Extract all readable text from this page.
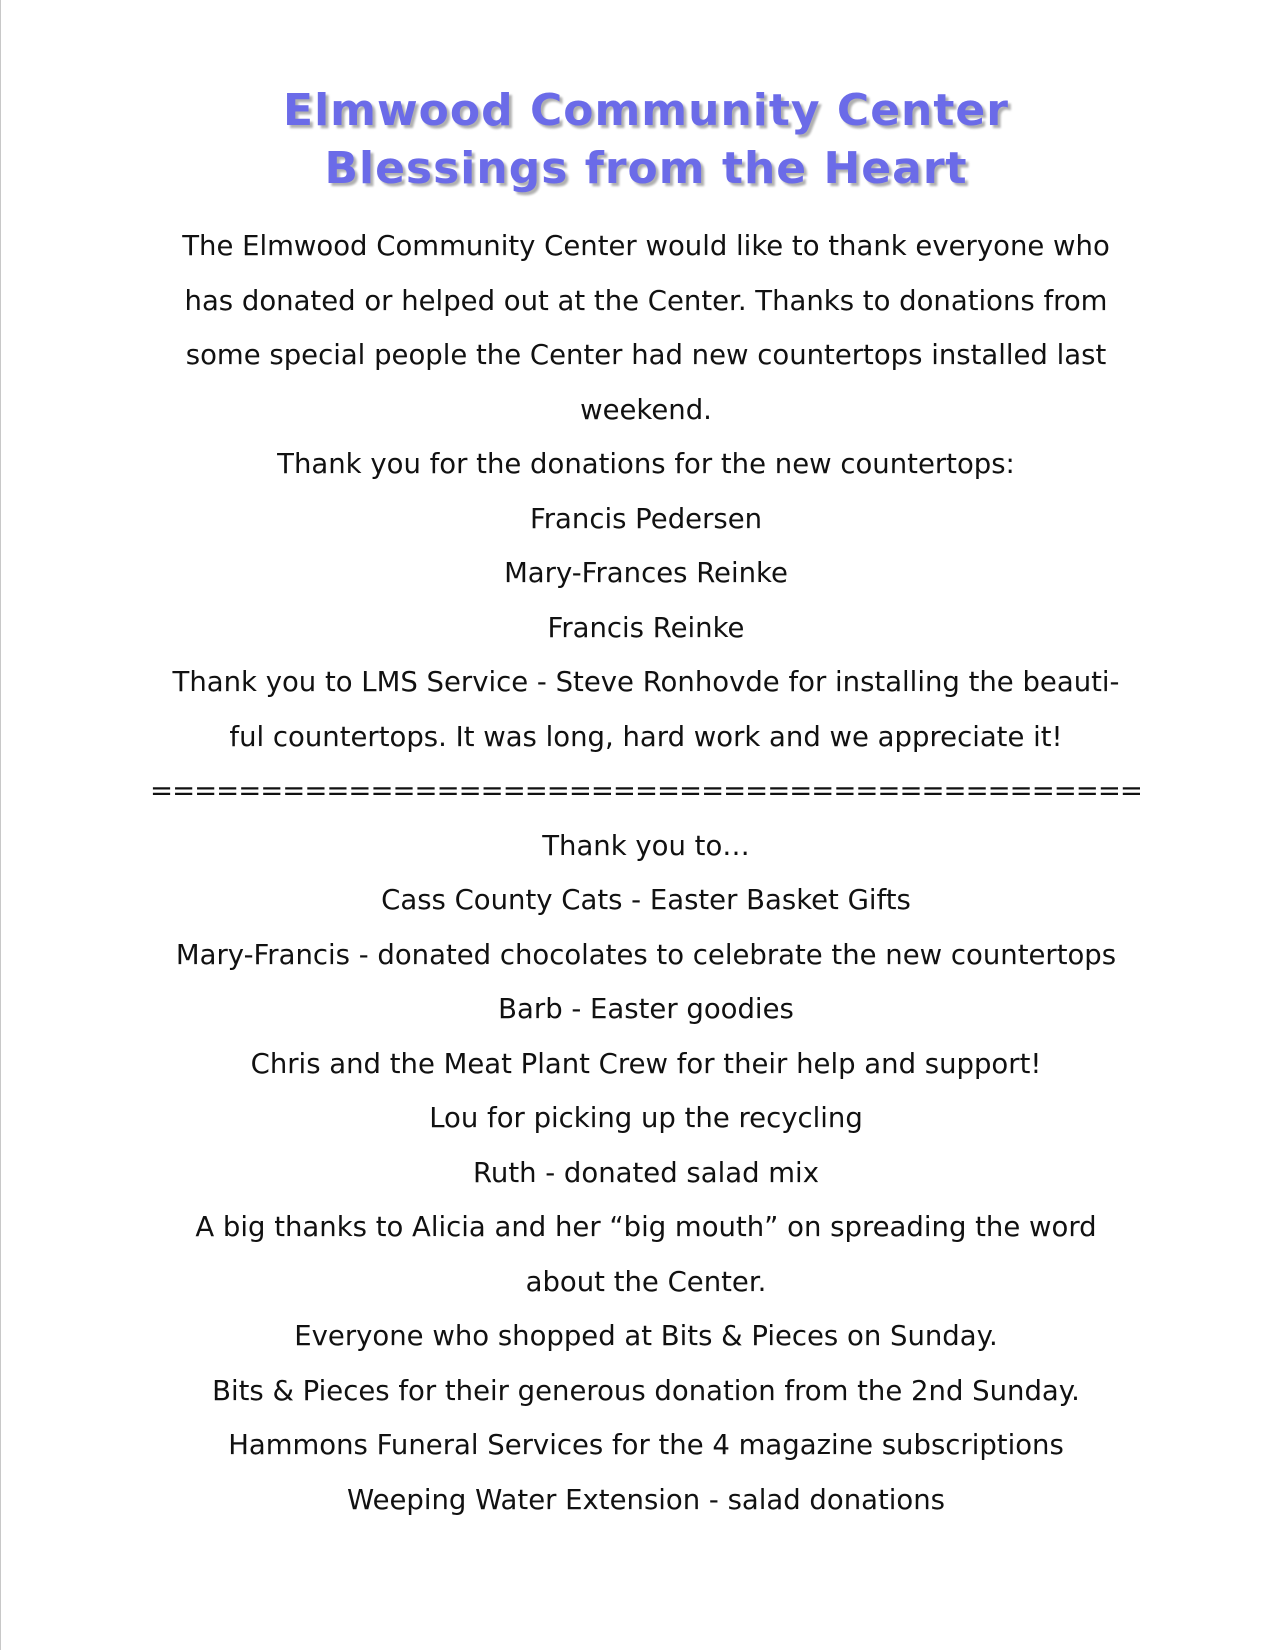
Elmwood Community Center
Blessings from the Heart
The Elmwood Community Center would like to thank everyone who
has donated or helped out at the Center. Thanks to donations from
some special people the Center had new countertops installed last
weekend.
Thank you for the donations for the new countertops:
Francis Pedersen
Mary-Frances Reinke
Francis Reinke
Thank you to LMS Service - Steve Ronhovde for installing the beauti-
ful countertops. It was long, hard work and we appreciate it!
=============================================
Thank you to…
Cass County Cats - Easter Basket Gifts
Mary-Francis - donated chocolates to celebrate the new countertops
Barb - Easter goodies
Chris and the Meat Plant Crew for their help and support!
Lou for picking up the recycling
Ruth - donated salad mix
A big thanks to Alicia and her “big mouth” on spreading the word
about the Center.
Everyone who shopped at Bits & Pieces on Sunday.
Bits & Pieces for their generous donation from the 2nd Sunday.
Hammons Funeral Services for the 4 magazine subscriptions
Weeping Water Extension - salad donations
